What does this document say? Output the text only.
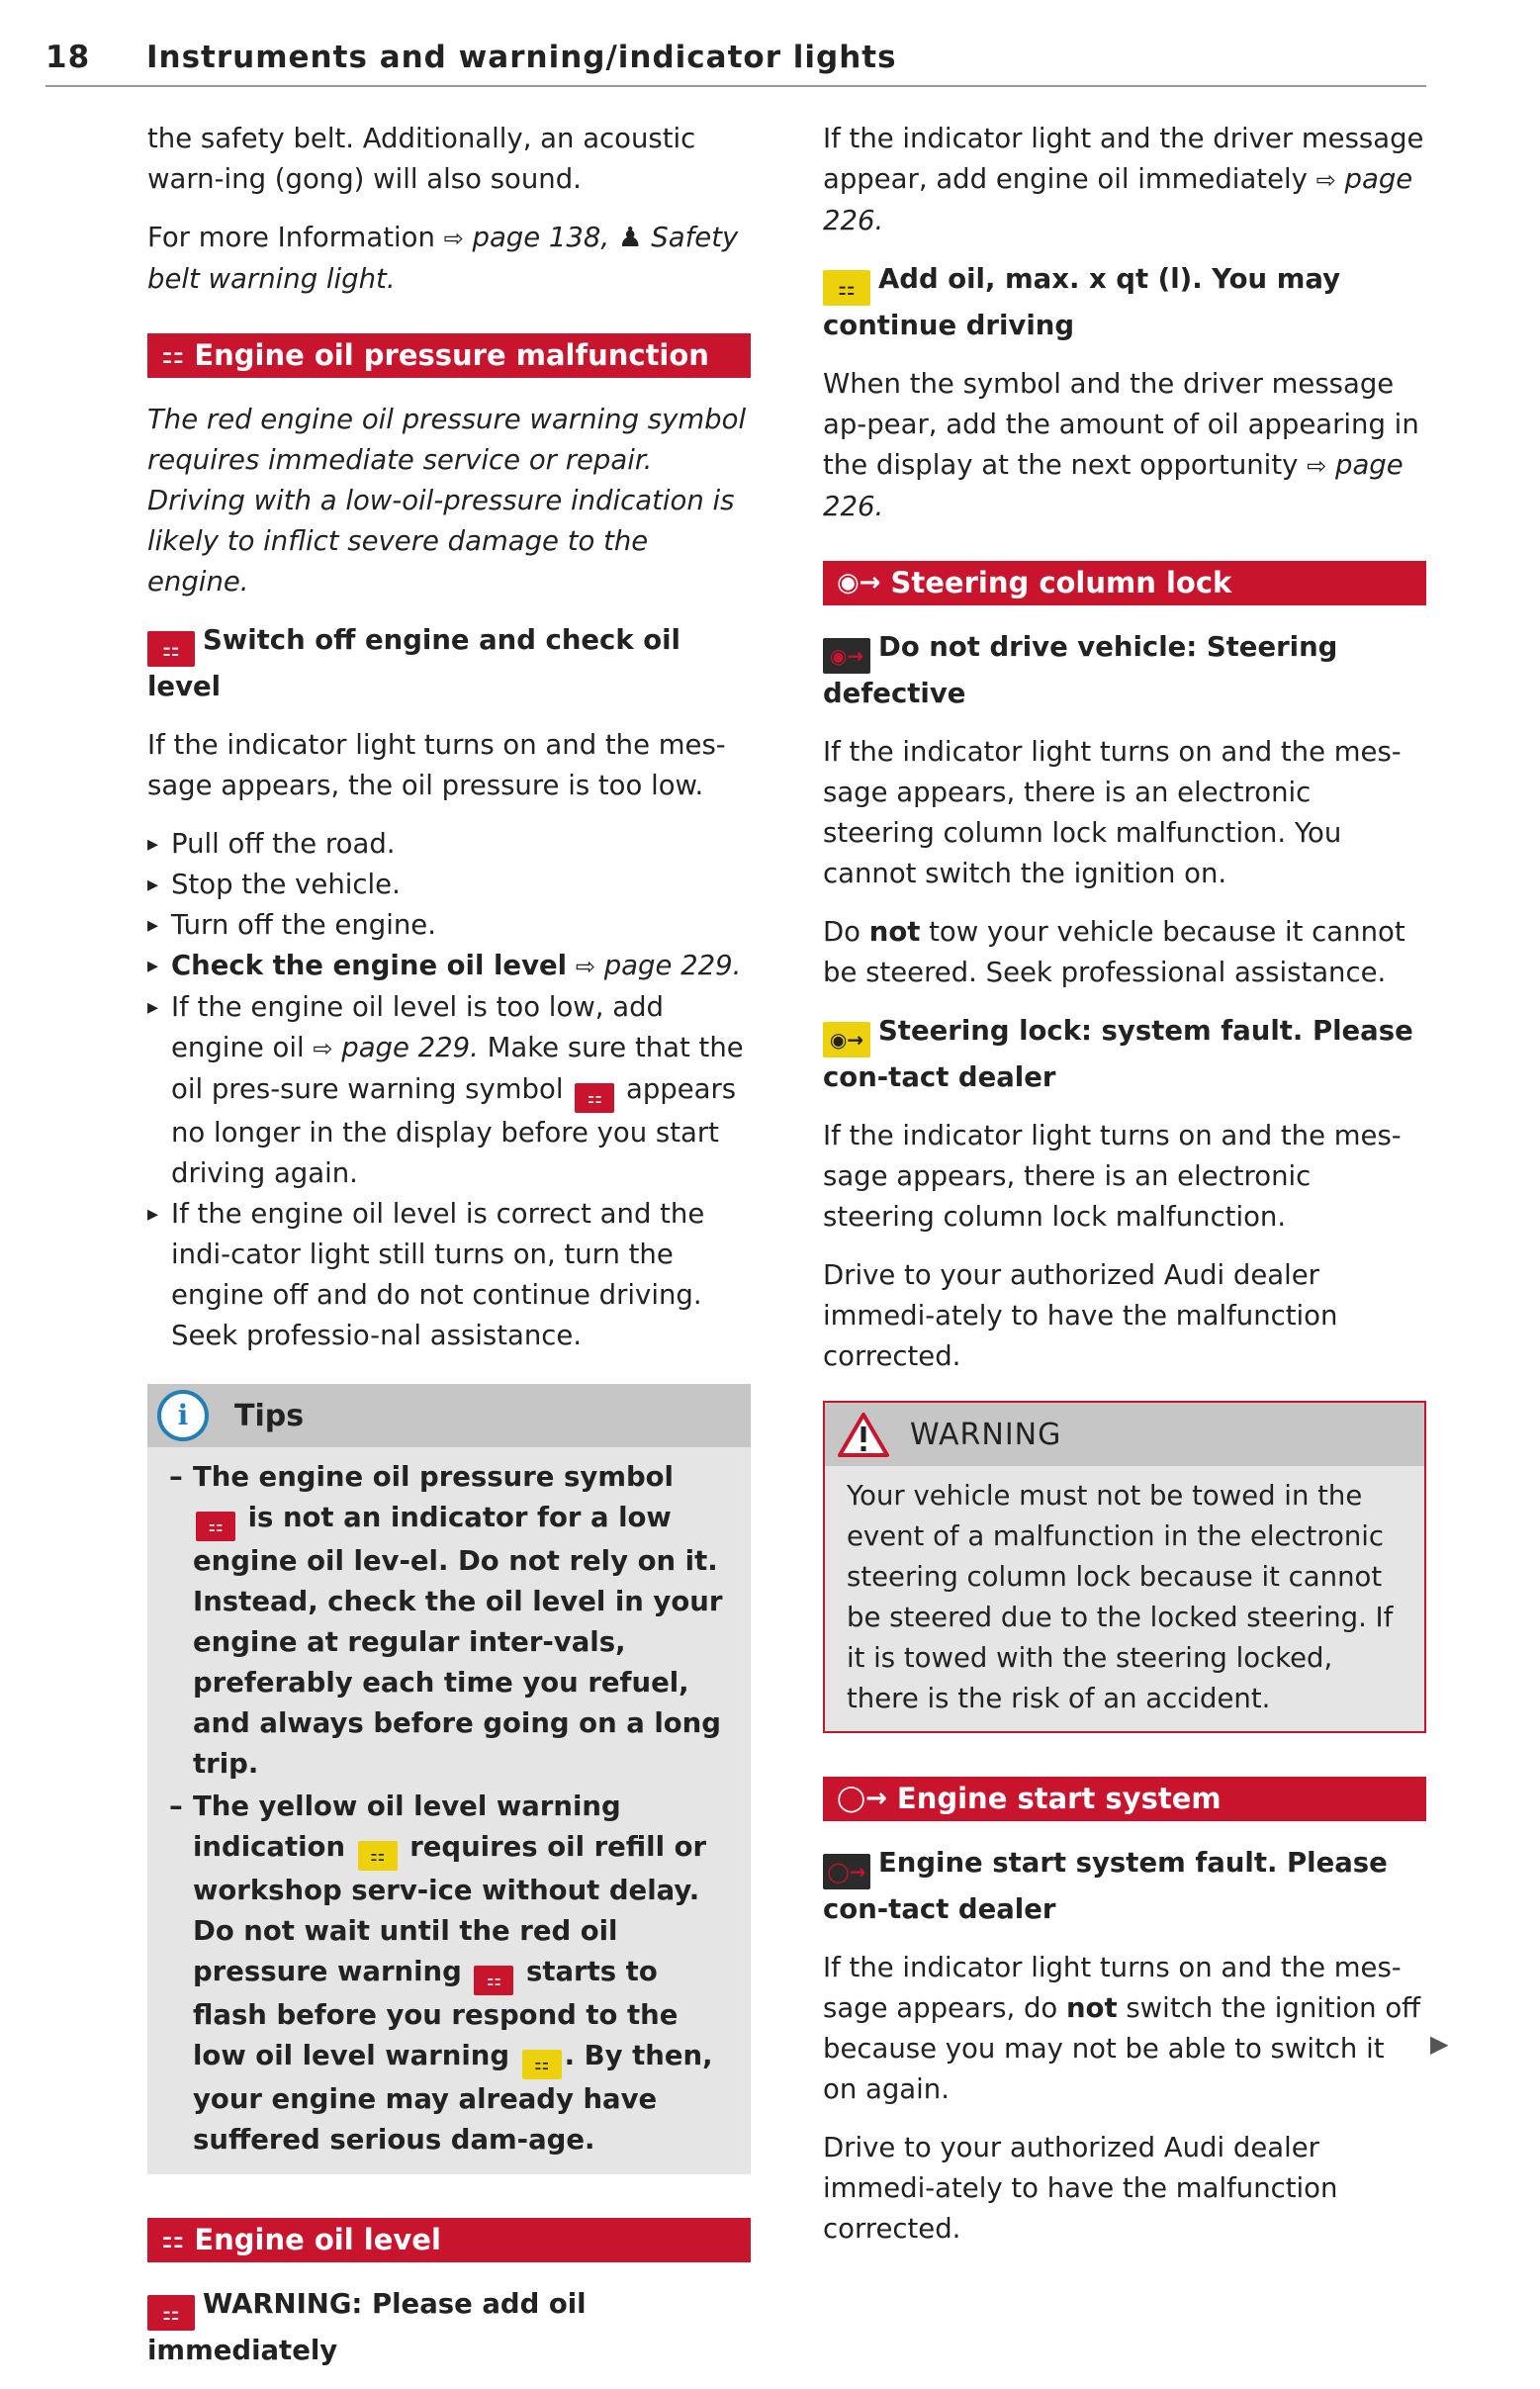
18 Instruments and warning/indicator lights

the safety belt. Additionally, an acoustic warn-ing (gong) will also sound.

For more Information ⇨ page 138, ♟ Safety belt warning light.

⚏ Engine oil pressure malfunction

The red engine oil pressure warning symbol requires immediate service or repair. Driving with a low-oil-pressure indication is likely to inflict severe damage to the engine.

⚏ Switch off engine and check oil level

If the indicator light turns on and the mes-sage appears, the oil pressure is too low.

▸ Pull off the road.
▸ Stop the vehicle.
▸ Turn off the engine.
▸ Check the engine oil level ⇨ page 229.
▸ If the engine oil level is too low, add engine oil ⇨ page 229. Make sure that the oil pres-sure warning symbol ⚏ appears no longer in the display before you start driving again.
▸ If the engine oil level is correct and the indi-cator light still turns on, turn the engine off and do not continue driving. Seek professio-nal assistance.
i	Tips
– The engine oil pressure symbol ⚏ is not an indicator for a low engine oil lev-el. Do not rely on it. Instead, check the oil level in your engine at regular inter-vals, preferably each time you refuel, and always before going on a long trip.
– The yellow oil level warning indication ⚏ requires oil refill or workshop serv-ice without delay. Do not wait until the red oil pressure warning ⚏ starts to flash before you respond to the low oil level warning ⚏ . By then, your engine may already have suffered serious dam-age.
⚏ Engine oil level
⚏ WARNING: Please add oil immediately

If the indicator light and the driver message appear, add engine oil immediately ⇨ page 226.

⚏ Add oil, max. x qt (l). You may continue driving

When the symbol and the driver message ap-pear, add the amount of oil appearing in the display at the next opportunity ⇨ page 226.

◉→ Steering column lock
◉→ Do not drive vehicle: Steering defective

If the indicator light turns on and the mes-sage appears, there is an electronic steering column lock malfunction. You cannot switch the ignition on.

Do not tow your vehicle because it cannot be steered. Seek professional assistance.

◉→ Steering lock: system fault. Please con-tact dealer

If the indicator light turns on and the mes-sage appears, there is an electronic steering column lock malfunction.

Drive to your authorized Audi dealer immedi-ately to have the malfunction corrected.

WARNING
Your vehicle must not be towed in the event of a malfunction in the electronic steering column lock because it cannot be steered due to the locked steering. If it is towed with the steering locked, there is the risk of an accident.
◯→ Engine start system
◯→ Engine start system fault. Please con-tact dealer

If the indicator light turns on and the mes-sage appears, do not switch the ignition off because you may not be able to switch it on again.

Drive to your authorized Audi dealer immedi-ately to have the malfunction corrected.

▶
